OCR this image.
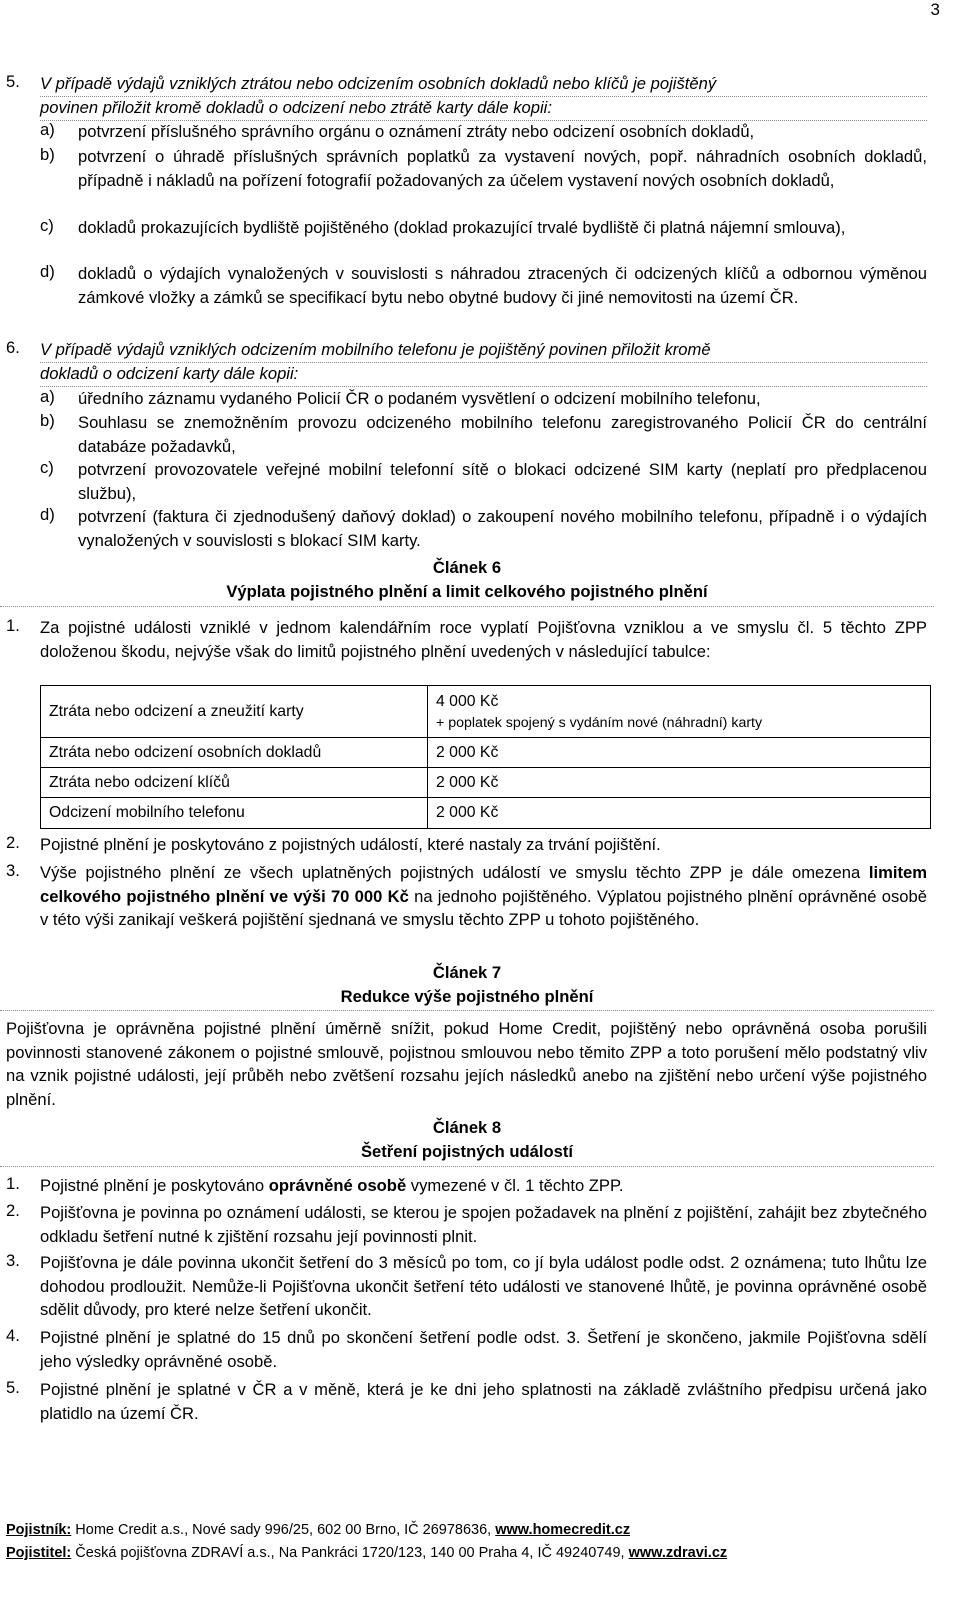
3
5. V případě výdajů vzniklých ztrátou nebo odcizením osobních dokladů nebo klíčů je pojištěný
povinen přiložit kromě dokladů o odcizení nebo ztrátě karty dále kopii:
a) potvrzení příslušného správního orgánu o oznámení ztráty nebo odcizení osobních dokladů,
b) potvrzení o úhradě příslušných správních poplatků za vystavení nových, popř. náhradních osobních dokladů, případně i nákladů na pořízení fotografií požadovaných za účelem vystavení nových osobních dokladů,
c) dokladů prokazujících bydliště pojištěného (doklad prokazující trvalé bydliště či platná nájemní smlouva),
d) dokladů o výdajích vynaložených v souvislosti s náhradou ztracených či odcizených klíčů a odbornou výměnou zámkové vložky a zámků se specifikací bytu nebo obytné budovy či jiné nemovitosti na území ČR.
6. V případě výdajů vzniklých odcizením mobilního telefonu je pojištěný povinen přiložit kromě
dokladů o odcizení karty dále kopii:
a) úředního záznamu vydaného Policií ČR o podaném vysvětlení o odcizení mobilního telefonu,
b) Souhlasu se znemožněním provozu odcizeného mobilního telefonu zaregistrovaného Policií ČR do centrální databáze požadavků,
c) potvrzení provozovatele veřejné mobilní telefonní sítě o blokaci odcizené SIM karty (neplatí pro předplacenou službu),
d) potvrzení (faktura či zjednodušený daňový doklad) o zakoupení nového mobilního telefonu, případně i o výdajích vynaložených v souvislosti s blokací SIM karty.
Článek 6
Výplata pojistného plnění a limit celkového pojistného plnění
1. Za pojistné události vzniklé v jednom kalendářním roce vyplatí Pojišťovna vzniklou a ve smyslu čl. 5 těchto ZPP doloženou škodu, nejvýše však do limitů pojistného plnění uvedených v následující tabulce:
Ztráta nebo odcizení a zneužití karty	4 000 Kč
+ poplatek spojený s vydáním nové (náhradní) karty

Ztráta nebo odcizení osobních dokladů	2 000 Kč
Ztráta nebo odcizení klíčů	2 000 Kč
Odcizení mobilního telefonu	2 000 Kč
2. Pojistné plnění je poskytováno z pojistných událostí, které nastaly za trvání pojištění.
3. Výše pojistného plnění ze všech uplatněných pojistných událostí ve smyslu těchto ZPP je dále omezena limitem celkového pojistného plnění ve výši 70 000 Kč na jednoho pojištěného. Výplatou pojistného plnění oprávněné osobě v této výši zanikají veškerá pojištění sjednaná ve smyslu těchto ZPP u tohoto pojištěného.
Článek 7
Redukce výše pojistného plnění
Pojišťovna je oprávněna pojistné plnění úměrně snížit, pokud Home Credit, pojištěný nebo oprávněná osoba porušili povinnosti stanovené zákonem o pojistné smlouvě, pojistnou smlouvou nebo těmito ZPP a toto porušení mělo podstatný vliv na vznik pojistné události, její průběh nebo zvětšení rozsahu jejích následků anebo na zjištění nebo určení výše pojistného plnění.
Článek 8
Šetření pojistných událostí
1. Pojistné plnění je poskytováno oprávněné osobě vymezené v čl. 1 těchto ZPP.
2. Pojišťovna je povinna po oznámení události, se kterou je spojen požadavek na plnění z pojištění, zahájit bez zbytečného odkladu šetření nutné k zjištění rozsahu její povinnosti plnit.
3. Pojišťovna je dále povinna ukončit šetření do 3 měsíců po tom, co jí byla událost podle odst. 2 oznámena; tuto lhůtu lze dohodou prodloužit. Nemůže-li Pojišťovna ukončit šetření této události ve stanovené lhůtě, je povinna oprávněné osobě sdělit důvody, pro které nelze šetření ukončit.
4. Pojistné plnění je splatné do 15 dnů po skončení šetření podle odst. 3. Šetření je skončeno, jakmile Pojišťovna sdělí jeho výsledky oprávněné osobě.
5. Pojistné plnění je splatné v ČR a v měně, která je ke dni jeho splatnosti na základě zvláštního předpisu určená jako platidlo na území ČR.
Pojistník: Home Credit a.s., Nové sady 996/25, 602 00 Brno, IČ 26978636, www.homecredit.cz
Pojistitel: Česká pojišťovna ZDRAVÍ a.s., Na Pankráci 1720/123, 140 00 Praha 4, IČ 49240749, www.zdravi.cz
